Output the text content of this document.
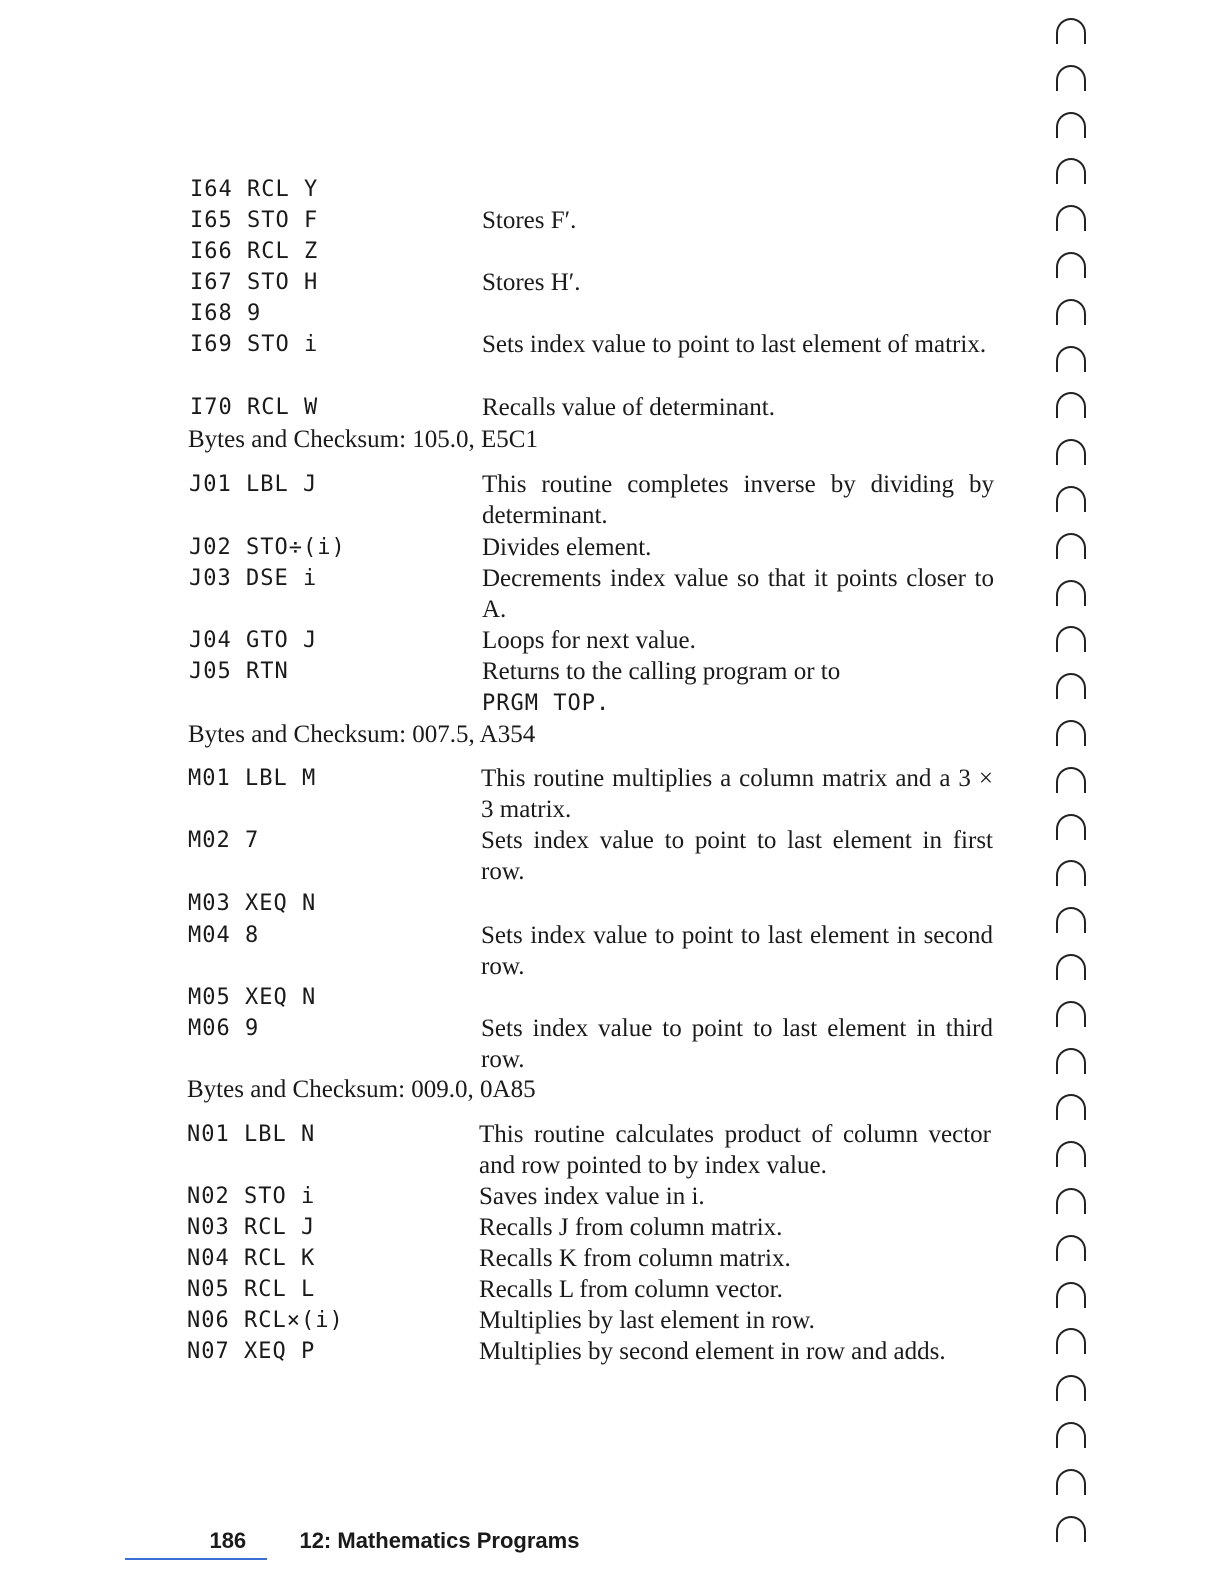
I64 RCL Y
I65 STO F	Stores F′.
I66 RCL Z
I67 STO H	Stores H′.
I68 9
I69 STO i	Sets index value to point to last element of matrix.
I70 RCL W	Recalls value of determinant.
Bytes and Checksum: 105.0, E5C1
J01 LBL J	This routine completes inverse by dividing by determinant.
J02 STO÷(i)	Divides element.
J03 DSE i	Decrements index value so that it points closer to A.
J04 GTO J	Loops for next value.
J05 RTN	Returns to the calling program or to
PRGM TOP.
Bytes and Checksum: 007.5, A354
M01 LBL M	This routine multiplies a column matrix and a 3 × 3 matrix.
M02 7	Sets index value to point to last element in first row.
M03 XEQ N
M04 8	Sets index value to point to last element in second row.
M05 XEQ N
M06 9	Sets index value to point to last element in third row.
Bytes and Checksum: 009.0, 0A85
N01 LBL N	This routine calculates product of column vector and row pointed to by index value.
N02 STO i	Saves index value in i.
N03 RCL J	Recalls J from column matrix.
N04 RCL K	Recalls K from column matrix.
N05 RCL L	Recalls L from column vector.
N06 RCL×(i)	Multiplies by last element in row.
N07 XEQ P	Multiplies by second element in row and adds.

186 12: Mathematics Programs
